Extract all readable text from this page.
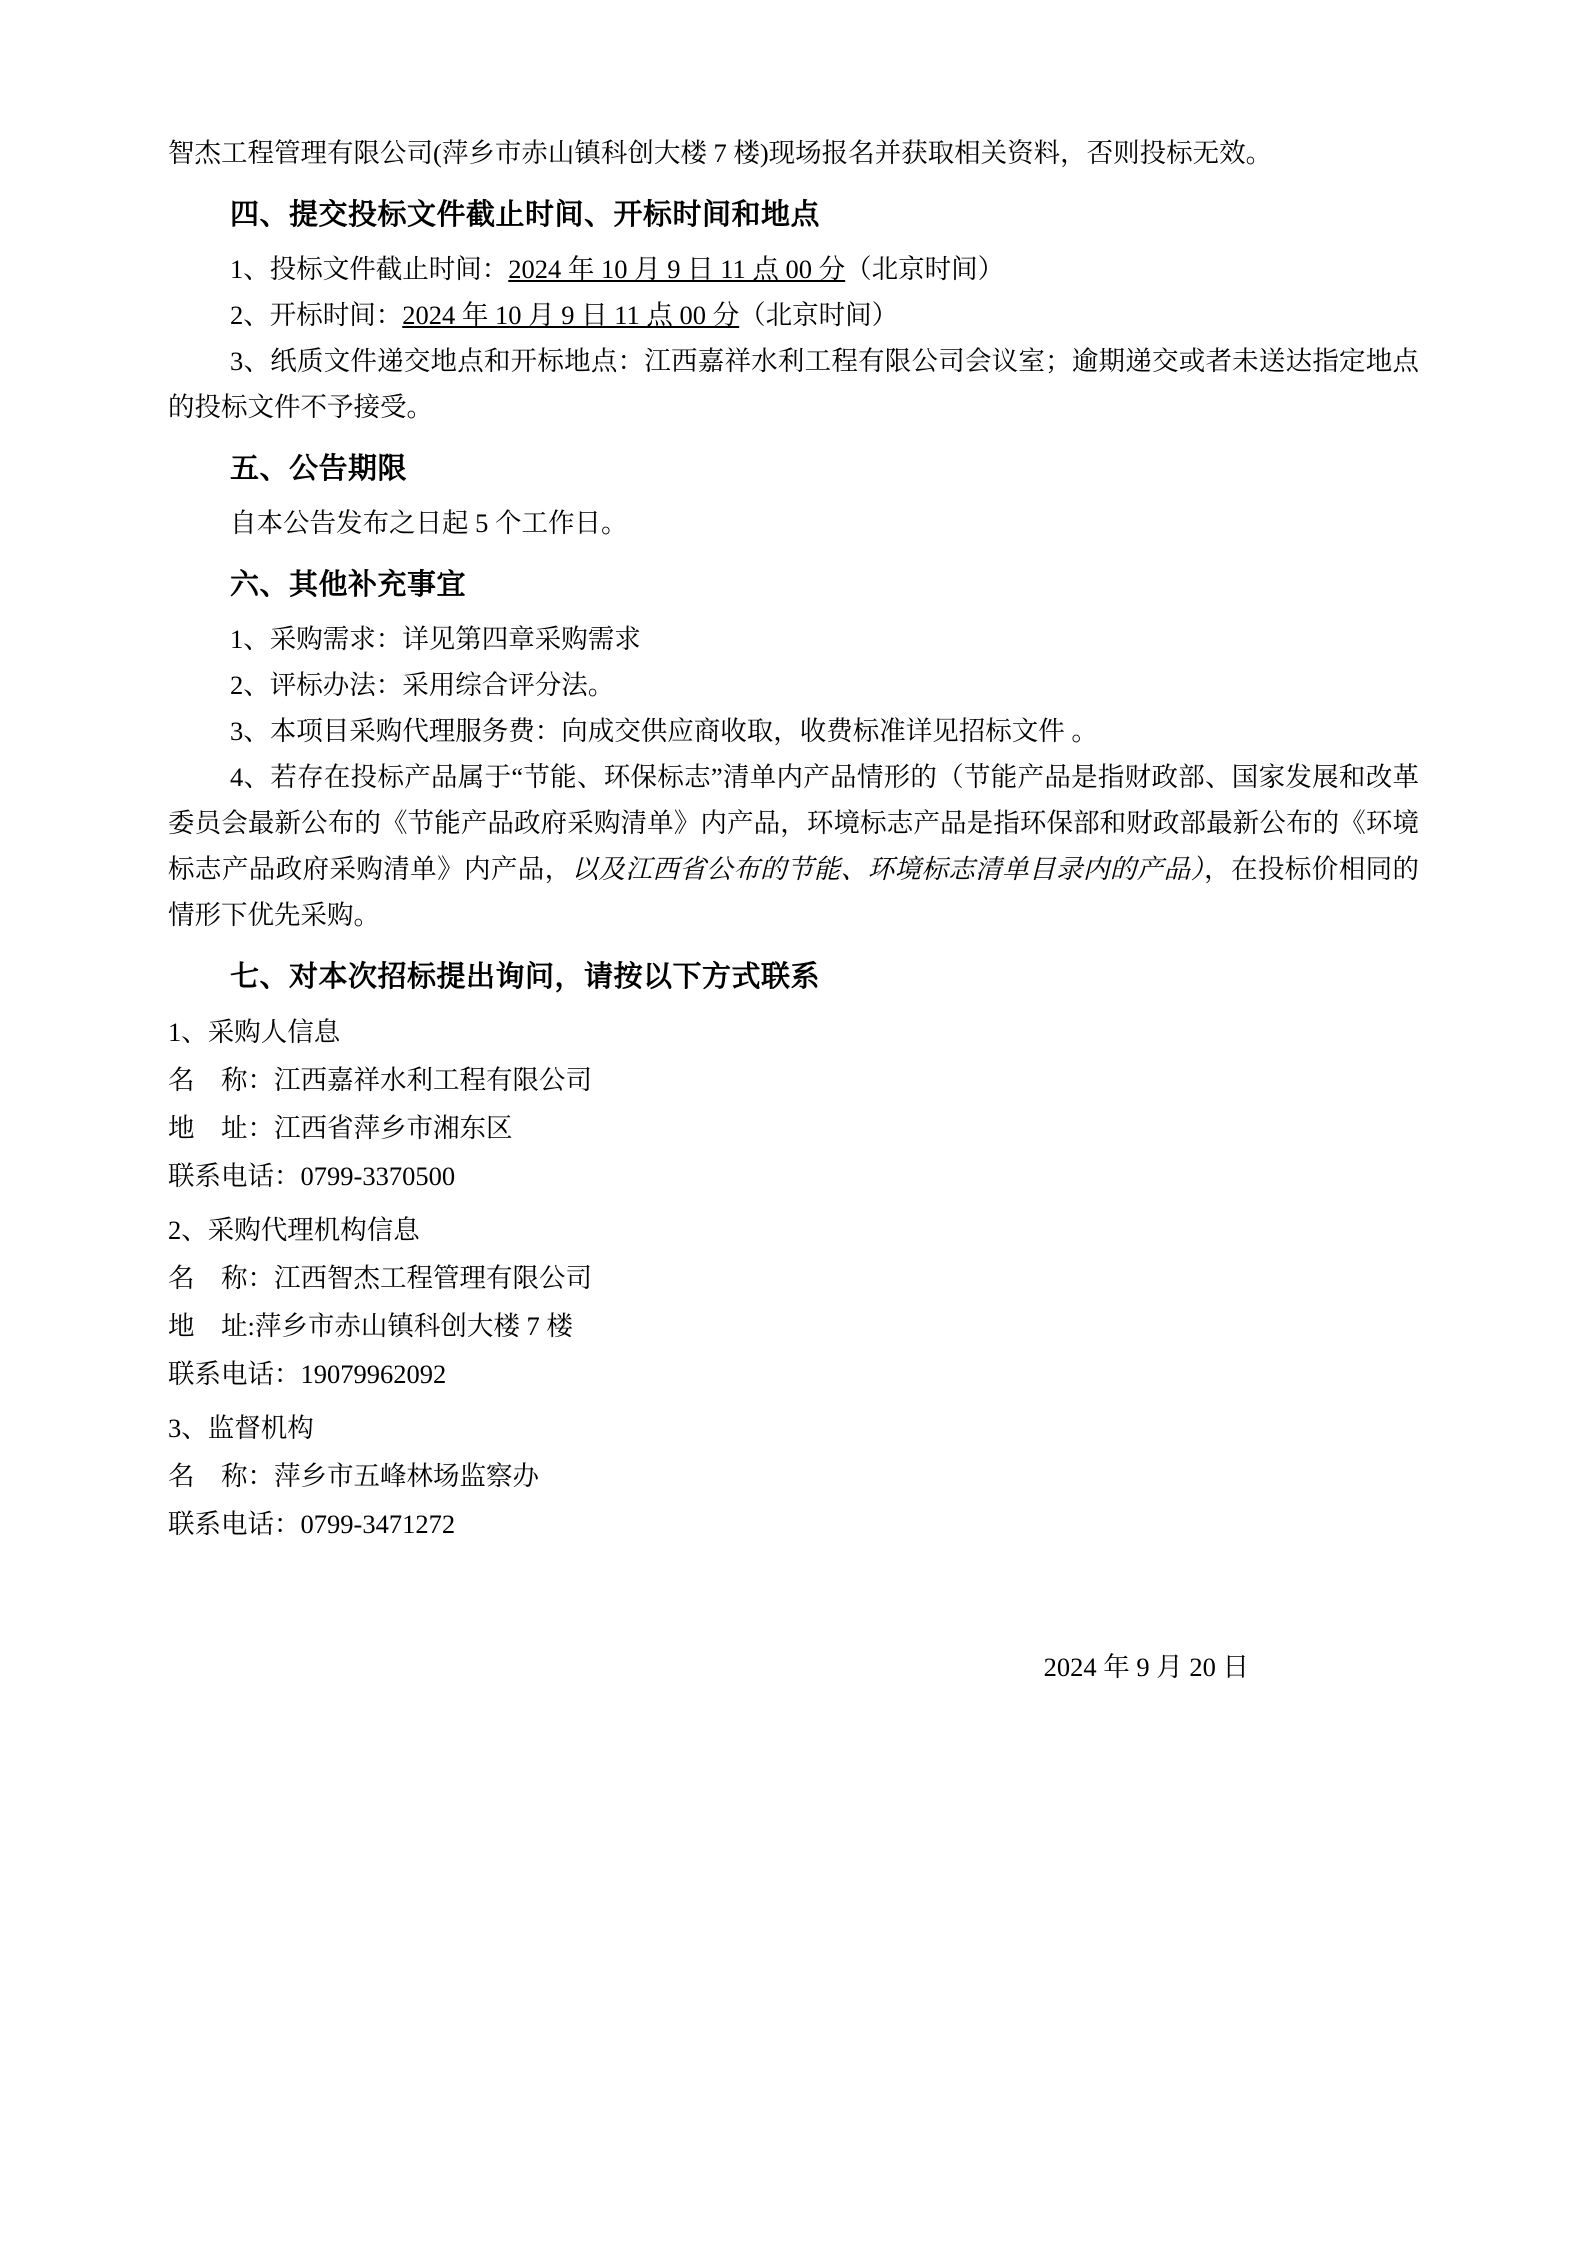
智杰工程管理有限公司(萍乡市赤山镇科创大楼 7 楼)现场报名并获取相关资料，否则投标无效。

四、提交投标文件截止时间、开标时间和地点

1、投标文件截止时间：2024 年 10 月 9 日 11 点 00 分（北京时间）

2、开标时间：2024 年 10 月 9 日 11 点 00 分（北京时间）

3、纸质文件递交地点和开标地点：江西嘉祥水利工程有限公司会议室；逾期递交或者未送达指定地点的投标文件不予接受。

五、公告期限

自本公告发布之日起 5 个工作日。

六、其他补充事宜

1、采购需求：详见第四章采购需求

2、评标办法：采用综合评分法。

3、本项目采购代理服务费：向成交供应商收取，收费标准详见招标文件 。

4、若存在投标产品属于“节能、环保标志”清单内产品情形的（节能产品是指财政部、国家发展和改革委员会最新公布的《节能产品政府采购清单》内产品，环境标志产品是指环保部和财政部最新公布的《环境标志产品政府采购清单》内产品，以及江西省公布的节能、环境标志清单目录内的产品），在投标价相同的情形下优先采购。

七、对本次招标提出询问，请按以下方式联系

1、采购人信息

名　称：江西嘉祥水利工程有限公司

地　址：江西省萍乡市湘东区

联系电话：0799-3370500

2、采购代理机构信息

名　称：江西智杰工程管理有限公司

地　址:萍乡市赤山镇科创大楼 7 楼

联系电话：19079962092

3、监督机构

名　称：萍乡市五峰林场监察办

联系电话：0799-3471272

2024 年 9 月 20 日
